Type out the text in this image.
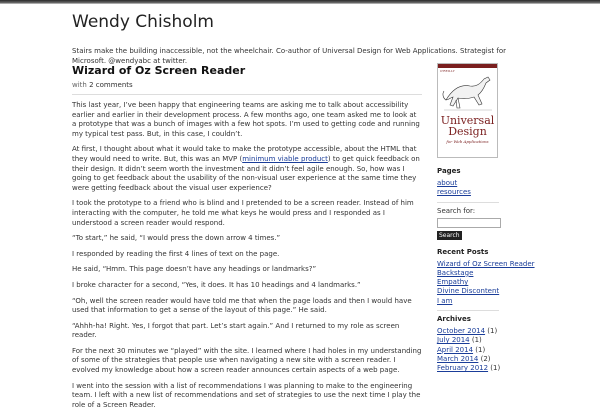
Wendy Chisholm

Stairs make the building inaccessible, not the wheelchair. Co-author of Universal Design for Web Applications. Strategist for Microsoft. @wendyabc at twitter.

Wizard of Oz Screen Reader
with 2 comments

This last year, I’ve been happy that engineering teams are asking me to talk about accessibility earlier and earlier in their development process. A few months ago, one team asked me to look at a prototype that was a bunch of images with a few hot spots. I’m used to getting code and running my typical test pass. But, in this case, I couldn’t.

At first, I thought about what it would take to make the prototype accessible, about the HTML that they would need to write. But, this was an MVP (minimum viable product) to get quick feedback on their design. It didn’t seem worth the investment and it didn’t feel agile enough. So, how was I going to get feedback about the usability of the non-visual user experience at the same time they were getting feedback about the visual user experience?

I took the prototype to a friend who is blind and I pretended to be a screen reader. Instead of him interacting with the computer, he told me what keys he would press and I responded as I understood a screen reader would respond.

“To start,” he said, “I would press the down arrow 4 times.”

I responded by reading the first 4 lines of text on the page.

He said, “Hmm. This page doesn’t have any headings or landmarks?”

I broke character for a second, “Yes, it does. It has 10 headings and 4 landmarks.”

“Oh, well the screen reader would have told me that when the page loads and then I would have used that information to get a sense of the layout of this page.” He said.

“Ahhh-ha! Right. Yes, I forgot that part. Let’s start again.” And I returned to my role as screen reader.

For the next 30 minutes we “played” with the site. I learned where I had holes in my understanding of some of the strategies that people use when navigating a new site with a screen reader. I evolved my knowledge about how a screen reader announces certain aspects of a web page.

I went into the session with a list of recommendations I was planning to make to the engineering team. I left with a new list of recommendations and set of strategies to use the next time I play the role of a Screen Reader.

Universal
Design
for Web Applications
O'REILLY
Pages
about
resources
Search for:
Search
Recent Posts
Wizard of Oz Screen Reader
Backstage
Empathy
Divine Discontent
I am
Archives
October 2014 (1)
July 2014 (1)
April 2014 (1)
March 2014 (2)
February 2012 (1)
